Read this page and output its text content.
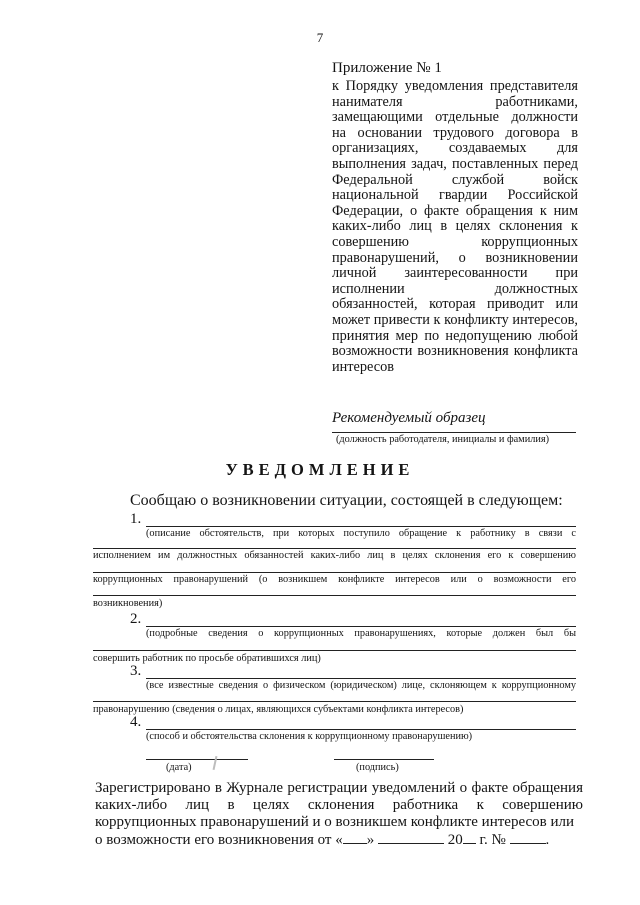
7
Приложение № 1
к Порядку уведомления представителя нанимателя работниками, замещающими отдельные должности на основании трудового договора в организациях, создаваемых для выполнения задач, поставленных перед Федеральной службой войск национальной гвардии Российской Федерации, о факте обращения к ним каких-либо лиц в целях склонения к совершению коррупционных правонарушений, о возникновении личной заинтересованности при исполнении должностных обязанностей, которая приводит или может привести к конфликту интересов, принятия мер по недопущению любой возможности возникновения конфликта интересов
Рекомендуемый образец
(должность работодателя, инициалы и фамилия)
УВЕДОМЛЕНИЕ
Сообщаю о возникновении ситуации, состоящей в следующем:
1.
(описание обстоятельств, при которых поступило обращение к работнику в связи с
исполнением им должностных обязанностей каких-либо лиц в целях склонения его к совершению
коррупционных правонарушений (о возникшем конфликте интересов или о возможности его
возникновения)
2.
(подробные сведения о коррупционных правонарушениях, которые должен был бы
совершить работник по просьбе обратившихся лиц)
3.
(все известные сведения о физическом (юридическом) лице, склоняющем к коррупционному
правонарушению (сведения о лицах, являющихся субъектами конфликта интересов)
4.
(способ и обстоятельства склонения к коррупционному правонарушению)
(дата)	(подпись)
Зарегистрировано в Журнале регистрации уведомлений о факте обращения каких-либо лиц в целях склонения работника к совершению коррупционных правонарушений и о возникшем конфликте интересов или
о возможности его возникновения от « »	20 г. №	.
